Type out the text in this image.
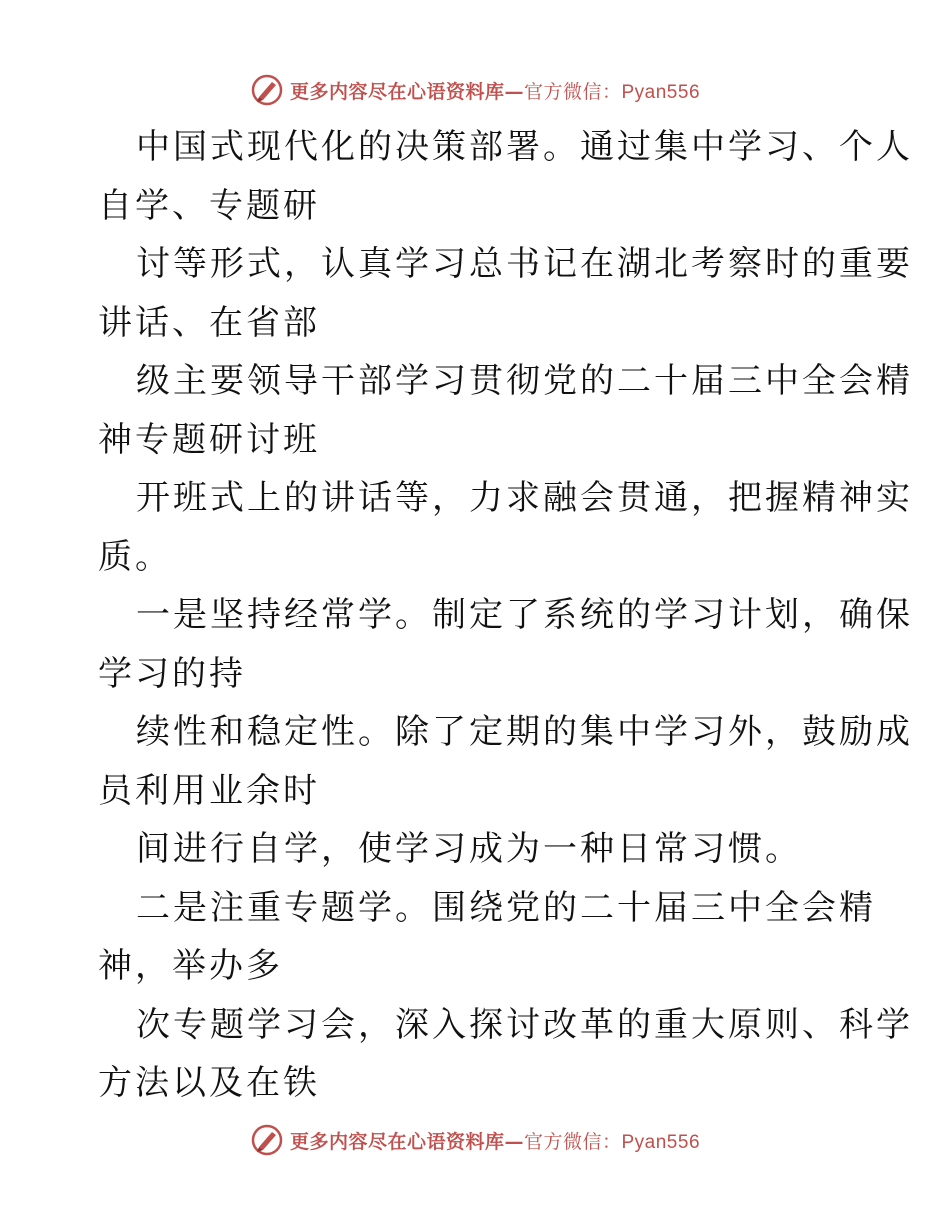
更多内容尽在心语资料库—官方微信：Pyan556
中国式现代化的决策部署。通过集中学习、个人
自学、专题研
讨等形式，认真学习总书记在湖北考察时的重要
讲话、在省部
级主要领导干部学习贯彻党的二十届三中全会精
神专题研讨班
开班式上的讲话等，力求融会贯通，把握精神实
质。
一是坚持经常学。制定了系统的学习计划，确保
学习的持
续性和稳定性。除了定期的集中学习外，鼓励成
员利用业余时
间进行自学，使学习成为一种日常习惯。
二是注重专题学。围绕党的二十届三中全会精
神，举办多
次专题学习会，深入探讨改革的重大原则、科学
方法以及在铁
更多内容尽在心语资料库—官方微信：Pyan556
